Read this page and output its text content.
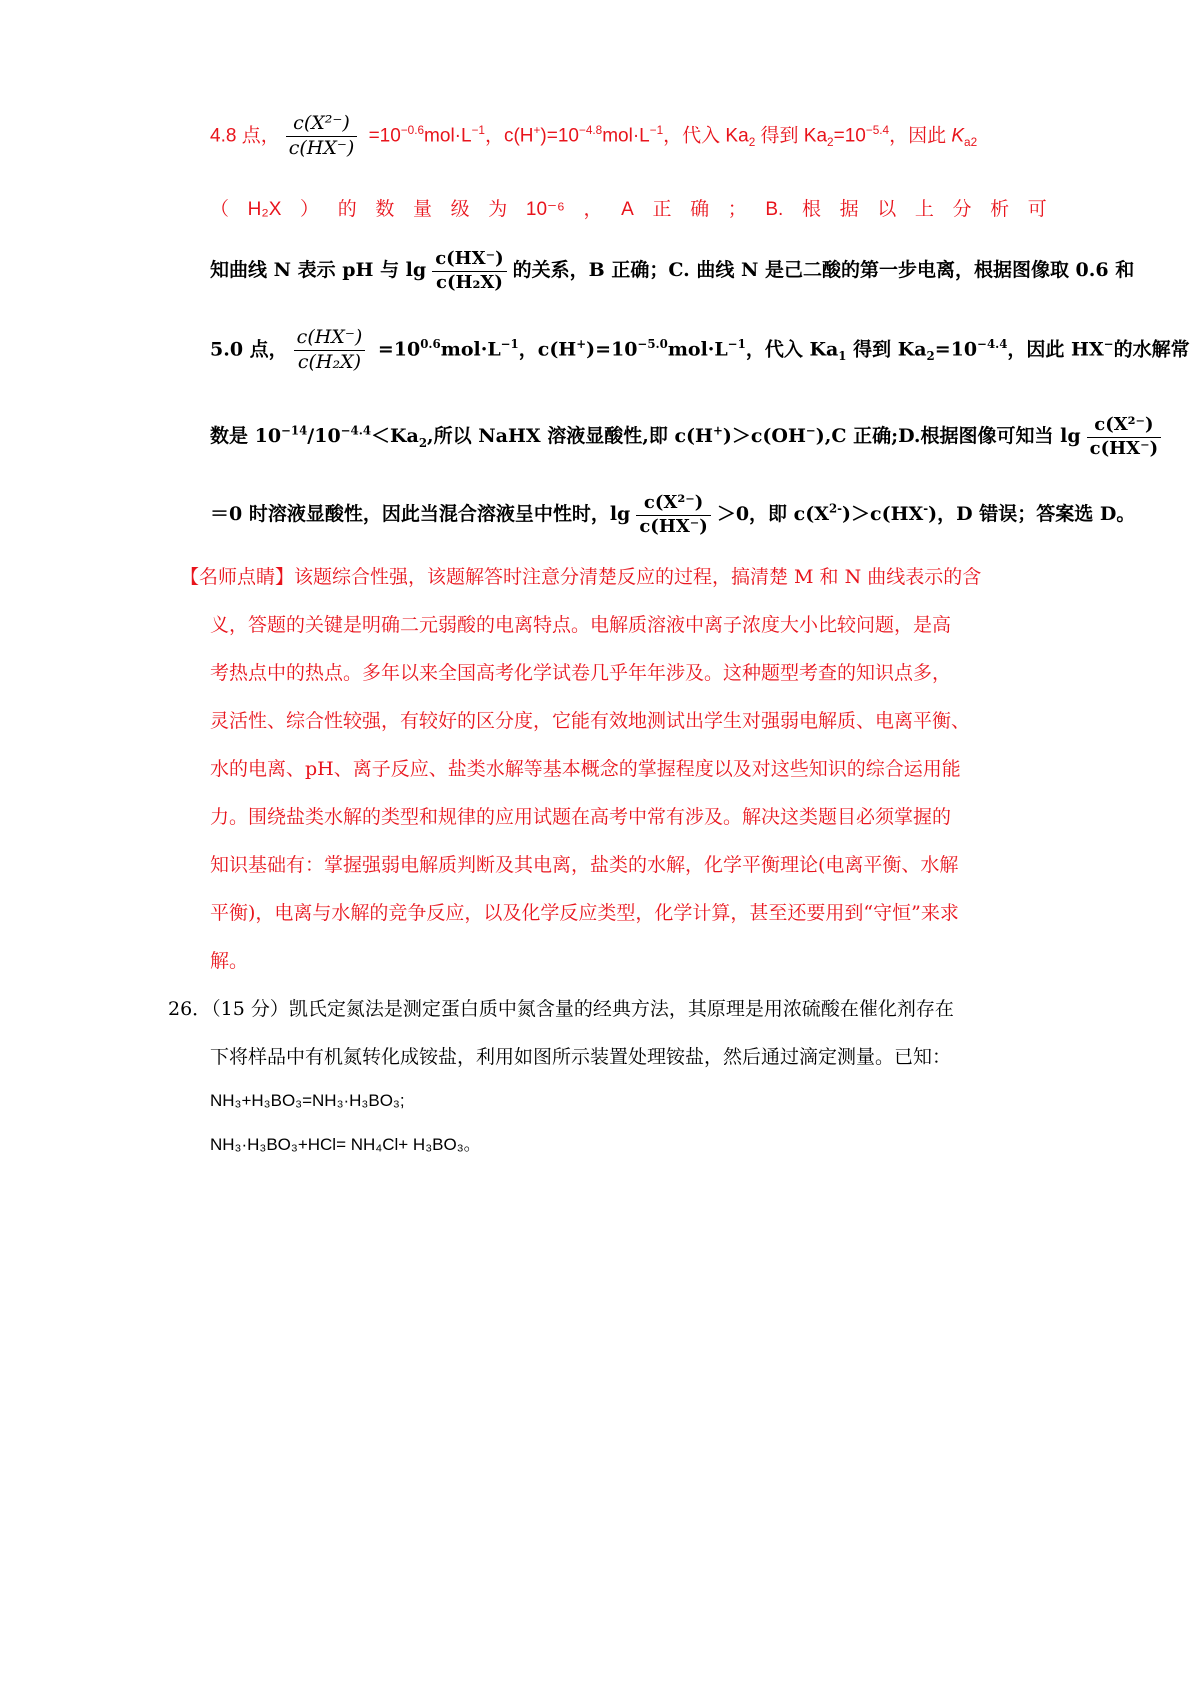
4.8 点， $\frac{\text{c(X²⁻)}}{c(HX^-)} =10^{-0.6}mol\cdot L^{-1}$，$c(H^+)=10^{-4.8}mol\cdot L^{-1}$，代入 $Ka_2$ 得到 $Ka_2=10^{-5.4}$，因此 $K_{a2}$
（ H₂X ） 的 数 量 级 为 10⁻⁶ ， A 正 确 ； B. 根 据 以 上 分 析 可
知曲线 N 表示 pH 与 $\lg \frac{c(HX^-)}{\text{c(H₂X)}}$ 的关系，B 正确；C. 曲线 N 是己二酸的第一步电离，根据图像取 0.6 和
5.0 点， $\frac{c(HX^-)}{\text{c(H₂X)}} =10^{0.6}mol\cdot L^{-1}$，$c(H^+)=10^{-5.0}mol\cdot L^{-1}$，代入 $Ka_1$ 得到 $Ka_2=10^{-4.4}$，因此 HX−的水解常
数是 $10^{-14}/10^{-4.4}<Ka_2$,所以 NaHX 溶液显酸性,即 c(H+)＞c(OH−),C 正确;D.根据图像可知当 $\lg \frac{\text{c(X²⁻)}}{c(HX^-)}$
＝0 时溶液显酸性，因此当混合溶液呈中性时，$\lg \frac{\text{c(X²⁻)}}{c(HX^-)} >0$，即 $c(X^{2-})>c(HX^-)$，D 错误；答案选 D。
【名师点睛】该题综合性强，该题解答时注意分清楚反应的过程，搞清楚 M 和 N 曲线表示的含
义，答题的关键是明确二元弱酸的电离特点。电解质溶液中离子浓度大小比较问题，是高
考热点中的热点。多年以来全国高考化学试卷几乎年年涉及。这种题型考查的知识点多，
灵活性、综合性较强，有较好的区分度，它能有效地测试出学生对强弱电解质、电离平衡、
水的电离、pH、离子反应、盐类水解等基本概念的掌握程度以及对这些知识的综合运用能
力。围绕盐类水解的类型和规律的应用试题在高考中常有涉及。解决这类题目必须掌握的
知识基础有：掌握强弱电解质判断及其电离，盐类的水解，化学平衡理论(电离平衡、水解
平衡)，电离与水解的竞争反应，以及化学反应类型，化学计算，甚至还要用到“守恒”来求
解。
26．（15 分）凯氏定氮法是测定蛋白质中氮含量的经典方法，其原理是用浓硫酸在催化剂存在
下将样品中有机氮转化成铵盐，利用如图所示装置处理铵盐，然后通过滴定测量。已知：
NH₃+H₃BO₃=NH₃·H₃BO₃;
NH₃·H₃BO₃+HCl= NH₄Cl+ H₃BO₃。
